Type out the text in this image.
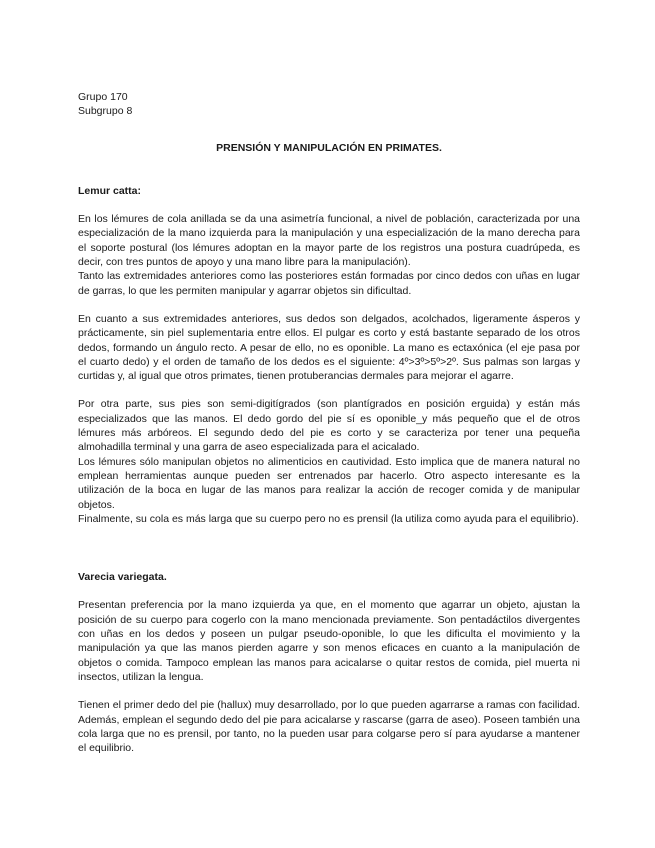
Grupo 170
Subgrupo 8
PRENSIÓN Y MANIPULACIÓN EN PRIMATES.
Lemur catta:

En los lémures de cola anillada se da una asimetría funcional, a nivel de población, caracterizada por una especialización de la mano izquierda para la manipulación y una especialización de la mano derecha para el soporte postural (los lémures adoptan en la mayor parte de los registros una postura cuadrúpeda, es decir, con tres puntos de apoyo y una mano libre para la manipulación).

Tanto las extremidades anteriores como las posteriores están formadas por cinco dedos con uñas en lugar de garras, lo que les permiten manipular y agarrar objetos sin dificultad.

En cuanto a sus extremidades anteriores, sus dedos son delgados, acolchados, ligeramente ásperos y prácticamente, sin piel suplementaria entre ellos. El pulgar es corto y está bastante separado de los otros dedos, formando un ángulo recto. A pesar de ello, no es oponible. La mano es ectaxónica (el eje pasa por el cuarto dedo) y el orden de tamaño de los dedos es el siguiente: 4º>3º>5º>2º. Sus palmas son largas y curtidas y, al igual que otros primates, tienen protuberancias dermales para mejorar el agarre.

Por otra parte, sus pies son semi-digitígrados (son plantígrados en posición erguida) y están más especializados que las manos. El dedo gordo del pie sí es oponible_y más pequeño que el de otros lémures más arbóreos. El segundo dedo del pie es corto y se caracteriza por tener una pequeña almohadilla terminal y una garra de aseo especializada para el acicalado.

Los lémures sólo manipulan objetos no alimenticios en cautividad. Esto implica que de manera natural no emplean herramientas aunque pueden ser entrenados par hacerlo. Otro aspecto interesante es la utilización de la boca en lugar de las manos para realizar la acción de recoger comida y de manipular objetos.

Finalmente, su cola es más larga que su cuerpo pero no es prensil (la utiliza como ayuda para el equilibrio).

Varecia variegata.

Presentan preferencia por la mano izquierda ya que, en el momento que agarrar un objeto, ajustan la posición de su cuerpo para cogerlo con la mano mencionada previamente. Son pentadáctilos divergentes con uñas en los dedos y poseen un pulgar pseudo-oponible, lo que les dificulta el movimiento y la manipulación ya que las manos pierden agarre y son menos eficaces en cuanto a la manipulación de objetos o comida. Tampoco emplean las manos para acicalarse o quitar restos de comida, piel muerta ni insectos, utilizan la lengua.

Tienen el primer dedo del pie (hallux) muy desarrollado, por lo que pueden agarrarse a ramas con facilidad. Además, emplean el segundo dedo del pie para acicalarse y rascarse (garra de aseo). Poseen también una cola larga que no es prensil, por tanto, no la pueden usar para colgarse pero sí para ayudarse a mantener el equilibrio.
